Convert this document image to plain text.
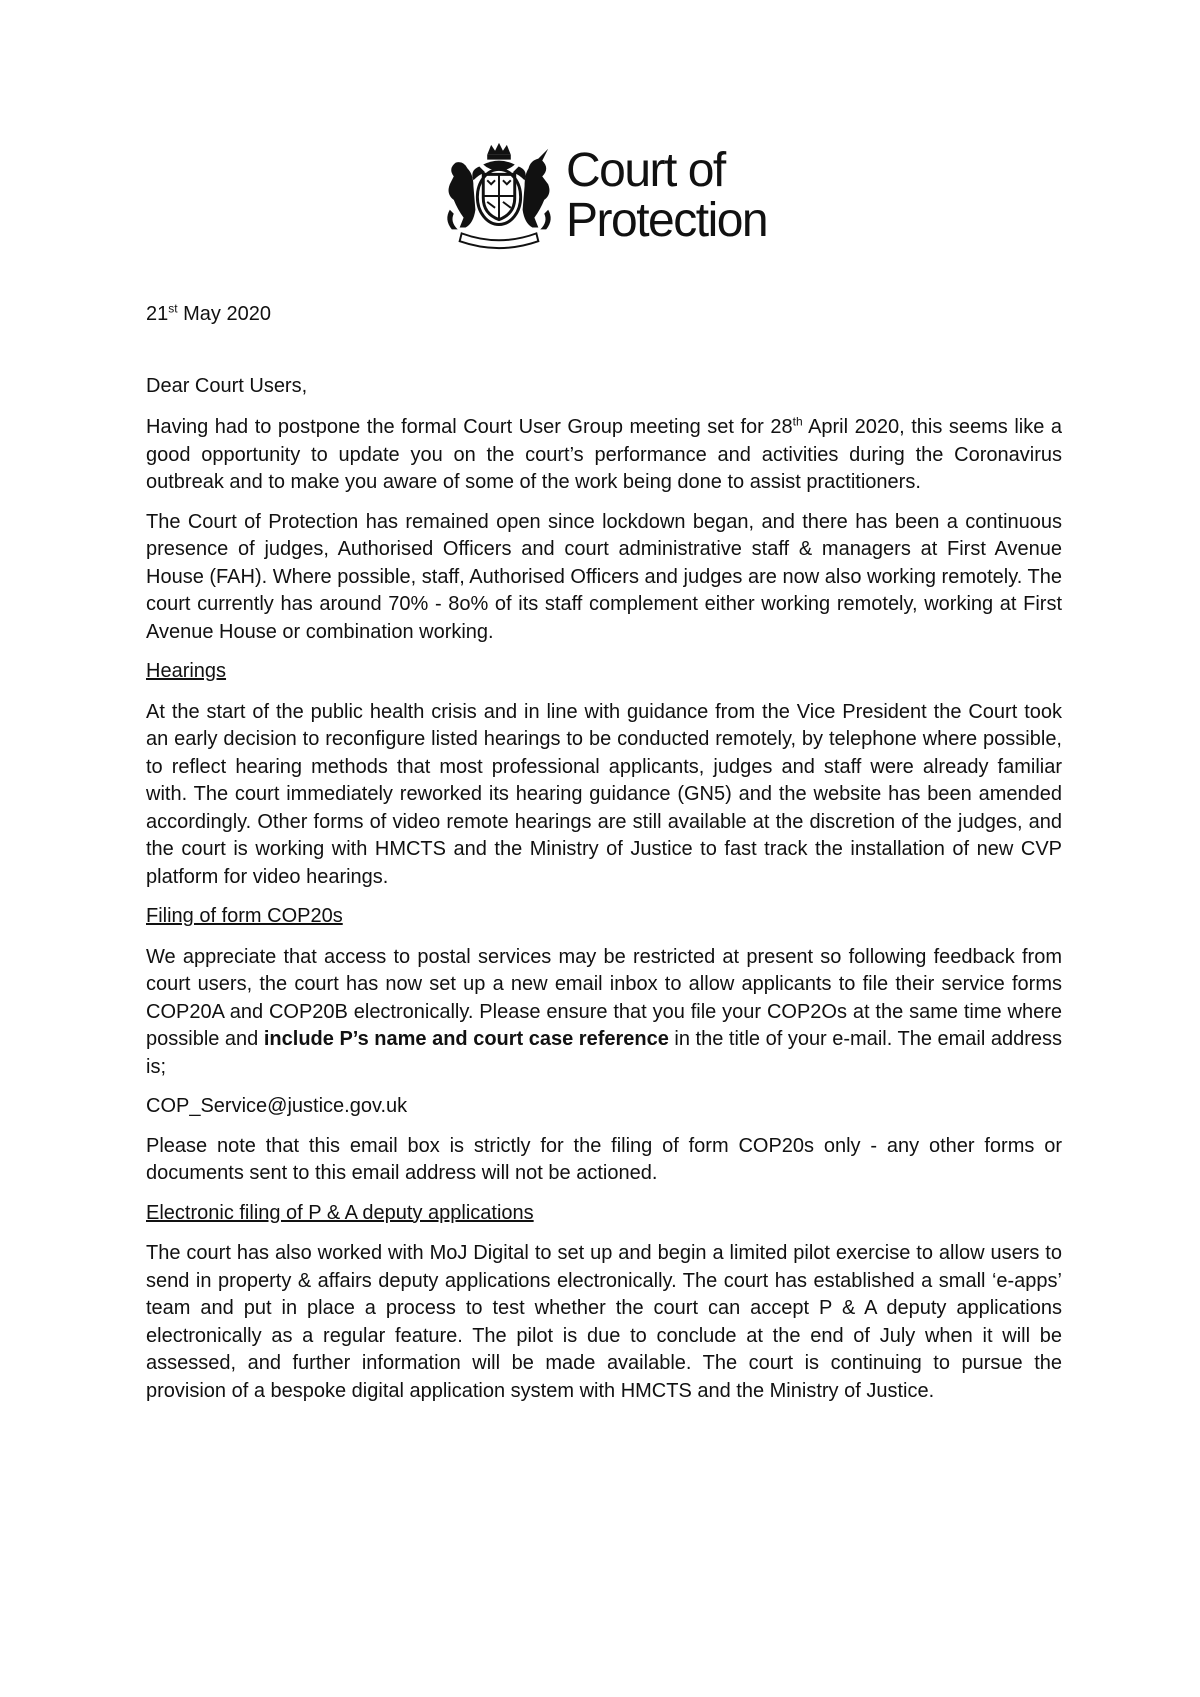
Court of
Protection
21st May 2020
Dear Court Users,

Having had to postpone the formal Court User Group meeting set for 28th April 2020, this seems like a good opportunity to update you on the court’s performance and activities during the Coronavirus outbreak and to make you aware of some of the work being done to assist practitioners.

The Court of Protection has remained open since lockdown began, and there has been a continuous presence of judges, Authorised Officers and court administrative staff & managers at First Avenue House (FAH). Where possible, staff, Authorised Officers and judges are now also working remotely. The court currently has around 70% - 8o% of its staff complement either working remotely, working at First Avenue House or combination working.

Hearings

At the start of the public health crisis and in line with guidance from the Vice President the Court took an early decision to reconfigure listed hearings to be conducted remotely, by telephone where possible, to reflect hearing methods that most professional applicants, judges and staff were already familiar with. The court immediately reworked its hearing guidance (GN5) and the website has been amended accordingly. Other forms of video remote hearings are still available at the discretion of the judges, and the court is working with HMCTS and the Ministry of Justice to fast track the installation of new CVP platform for video hearings.

Filing of form COP20s

We appreciate that access to postal services may be restricted at present so following feedback from court users, the court has now set up a new email inbox to allow applicants to file their service forms COP20A and COP20B electronically. Please ensure that you file your COP2Os at the same time where possible and include P’s name and court case reference in the title of your e-mail. The email address is;

COP_Service@justice.gov.uk

Please note that this email box is strictly for the filing of form COP20s only - any other forms or documents sent to this email address will not be actioned.

Electronic filing of P & A deputy applications

The court has also worked with MoJ Digital to set up and begin a limited pilot exercise to allow users to send in property & affairs deputy applications electronically. The court has established a small ‘e-apps’ team and put in place a process to test whether the court can accept P & A deputy applications electronically as a regular feature. The pilot is due to conclude at the end of July when it will be assessed, and further information will be made available. The court is continuing to pursue the provision of a bespoke digital application system with HMCTS and the Ministry of Justice.
